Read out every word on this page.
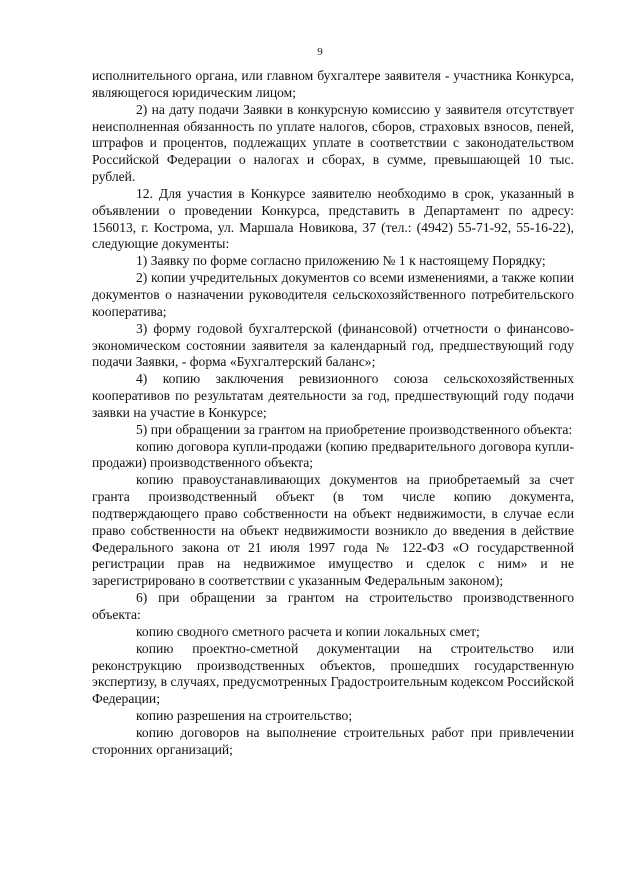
9

исполнительного органа, или главном бухгалтере заявителя - участника Конкурса, являющегося юридическим лицом;

2) на дату подачи Заявки в конкурсную комиссию у заявителя отсутствует неисполненная обязанность по уплате налогов, сборов, страховых взносов, пеней, штрафов и процентов, подлежащих уплате в соответствии с законодательством Российской Федерации о налогах и сборах, в сумме, превышающей 10 тыс. рублей.

12. Для участия в Конкурсе заявителю необходимо в срок, указанный в объявлении о проведении Конкурса, представить в Департамент по адресу: 156013, г. Кострома, ул. Маршала Новикова, 37 (тел.: (4942) 55-71-92, 55-16-22), следующие документы:

1) Заявку по форме согласно приложению № 1 к настоящему Порядку;

2) копии учредительных документов со всеми изменениями, а также копии документов о назначении руководителя сельскохозяйственного потребительского кооператива;

3) форму годовой бухгалтерской (финансовой) отчетности о финансово-экономическом состоянии заявителя за календарный год, предшествующий году подачи Заявки, - форма «Бухгалтерский баланс»;

4) копию заключения ревизионного союза сельскохозяйственных кооперативов по результатам деятельности за год, предшествующий году подачи заявки на участие в Конкурсе;

5) при обращении за грантом на приобретение производственного объекта:

копию договора купли-продажи (копию предварительного договора купли-продажи) производственного объекта;

копию правоустанавливающих документов на приобретаемый за счет гранта производственный объект (в том числе копию документа, подтверждающего право собственности на объект недвижимости, в случае если право собственности на объект недвижимости возникло до введения в действие Федерального закона от 21 июля 1997 года № 122-ФЗ «О государственной регистрации прав на недвижимое имущество и сделок с ним» и не зарегистрировано в соответствии с указанным Федеральным законом);

6) при обращении за грантом на строительство производственного объекта:

копию сводного сметного расчета и копии локальных смет;

копию проектно-сметной документации на строительство или реконструкцию производственных объектов, прошедших государственную экспертизу, в случаях, предусмотренных Градостроительным кодексом Российской Федерации;

копию разрешения на строительство;

копию договоров на выполнение строительных работ при привлечении сторонних организаций;
